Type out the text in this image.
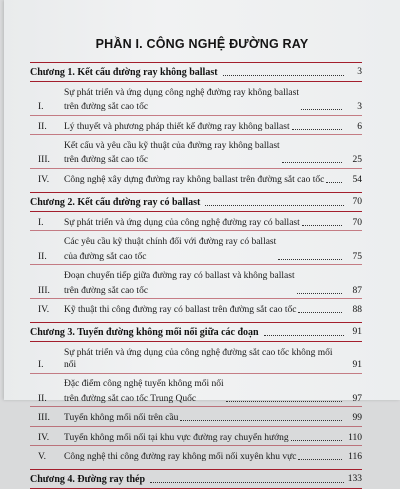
PHẦN I. CÔNG NGHỆ ĐƯỜNG RAY
Chương 1. Kết cấu đường ray không ballast	3
I.
Sự phát triển và ứng dụng công nghệ đường ray không ballast
trên đường sắt cao tốc	3
II.	Lý thuyết và phương pháp thiết kế đường ray không ballast	6
III.
Kết cấu và yêu cầu kỹ thuật của đường ray không ballast
trên đường sắt cao tốc	25
IV.	Công nghệ xây dựng đường ray không ballast trên đường sắt cao tốc	54
Chương 2. Kết cấu đường ray có ballast	70
I.	Sự phát triển và ứng dụng của công nghệ đường ray có ballast	70
II.
Các yêu cầu kỹ thuật chính đối với đường ray có ballast
của đường sắt cao tốc	75
III.
Đoạn chuyển tiếp giữa đường ray có ballast và không ballast
trên đường sắt cao tốc	87
IV.	Kỹ thuật thi công đường ray có ballast trên đường sắt cao tốc	88
Chương 3. Tuyến đường không mối nối giữa các đoạn	91
I.
Sự phát triển và ứng dụng của công nghệ đường sắt cao tốc không mối nối	91
II.
Đặc điểm công nghệ tuyến không mối nối
trên đường sắt cao tốc Trung Quốc	97
III.	Tuyến không mối nối trên cầu	99
IV.	Tuyến không mối nối tại khu vực đường ray chuyển hướng	110
V.	Công nghệ thi công đường ray không mối nối xuyên khu vực	116
Chương 4. Đường ray thép	133
